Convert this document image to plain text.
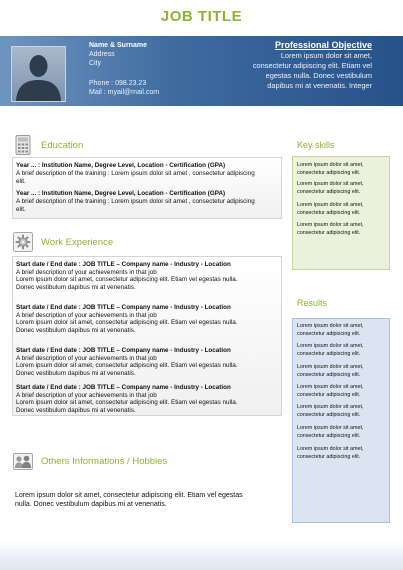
JOB TITLE
Name & Surname
Address
City
Phone : 098.23.23
Mail : myail@mail.com
Professional Objective
Lorem ipsum dolor sit amet,
consectetur adipiscing elit. Etiam vel
egestas nulla. Donec vestibulum
dapibus mi at venenatis. Integer
Education
Year ... : Institution Name, Degree Level, Location - Certification (GPA)
A brief description of the training : Lorem ipsum dolor sit amet , consectetur adipiscing
elit.
Year ... : Institution Name, Degree Level, Location - Certification (GPA)
A brief description of the training : Lorem ipsum dolor sit amet , consectetur adipiscing
elit.
Work Experience
Start date / End date : JOB TITLE – Company name - Industry - Location
A brief description of your achievements in that job
Lorem ipsum dolor sit amet, consectetur adipiscing elit. Etiam vel egestas nulla.
Donec vestibulum dapibus mi at venenatis.
Start date / End date : JOB TITLE – Company name - Industry - Location
A brief description of your achievements in that job
Lorem ipsum dolor sit amet, consectetur adipiscing elit. Etiam vel egestas nulla.
Donec vestibulum dapibus mi at venenatis.
Start date / End date : JOB TITLE – Company name - Industry - Location
A brief description of your achievements in that job
Lorem ipsum dolor sit amet, consectetur adipiscing elit. Etiam vel egestas nulla.
Donec vestibulum dapibus mi at venenatis.
Start date / End date : JOB TITLE – Company name - Industry - Location
A brief description of your achievements in that job
Lorem ipsum dolor sit amet, consectetur adipiscing elit. Etiam vel egestas nulla.
Donec vestibulum dapibus mi at venenatis.
Others Informations / Hobbies
Lorem ipsum dolor sit amet, consectetur adipiscing elit. Etiam vel egestas
nulla. Donec vestibulum dapibus mi at venenatis.
Key skills
Lorem ipsum dolor sit amet,
consectetur adipiscing elit.
Lorem ipsum dolor sit amet,
consectetur adipiscing elit.
Lorem ipsum dolor sit amet,
consectetur adipiscing elit.
Lorem ipsum dolor sit amet,
consectetur adipiscing elit.
Results
Lorem ipsum dolor sit amet,
consectetur adipiscing elit.
Lorem ipsum dolor sit amet,
consectetur adipiscing elit.
Lorem ipsum dolor sit amet,
consectetur adipiscing elit.
Lorem ipsum dolor sit amet,
consectetur adipiscing elit.
Lorem ipsum dolor sit amet,
consectetur adipiscing elit.
Lorem ipsum dolor sit amet,
consectetur adipiscing elit.
Lorem ipsum dolor sit amet,
consectetur adipiscing elit.
